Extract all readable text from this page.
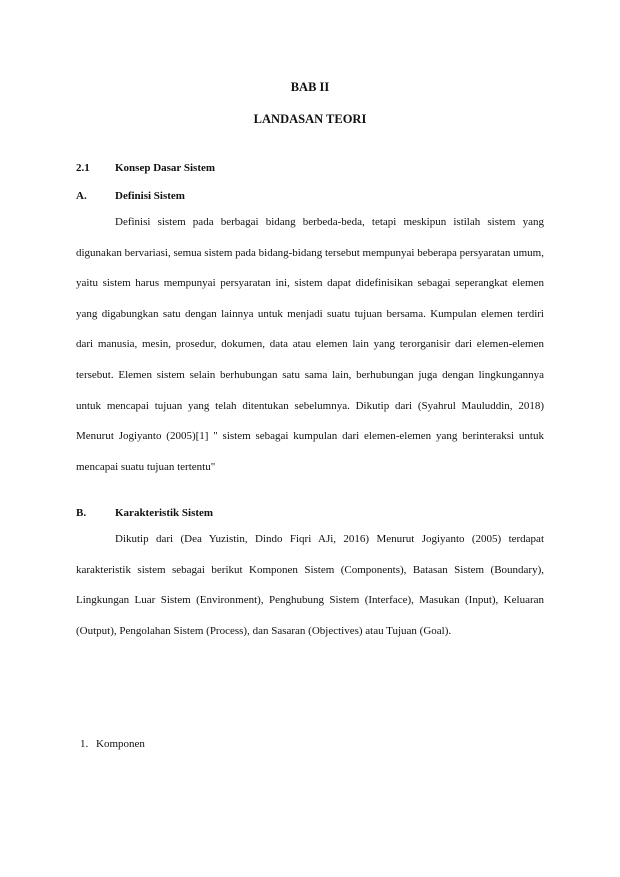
BAB II
LANDASAN TEORI
2.1 Konsep Dasar Sistem
A.	Definisi Sistem

Definisi sistem pada berbagai bidang berbeda-beda, tetapi meskipun istilah sistem yang digunakan bervariasi, semua sistem pada bidang-bidang tersebut mempunyai beberapa persyaratan umum, yaitu sistem harus mempunyai persyaratan ini, sistem dapat didefinisikan sebagai seperangkat elemen yang digabungkan satu dengan lainnya untuk menjadi suatu tujuan bersama. Kumpulan elemen terdiri dari manusia, mesin, prosedur, dokumen, data atau elemen lain yang terorganisir dari elemen-elemen tersebut. Elemen sistem selain berhubungan satu sama lain, berhubungan juga dengan lingkungannya untuk mencapai tujuan yang telah ditentukan sebelumnya. Dikutip dari (Syahrul Mauluddin, 2018) Menurut Jogiyanto (2005)[1] " sistem sebagai kumpulan dari elemen-elemen yang berinteraksi untuk mencapai suatu tujuan tertentu"

B.	Karakteristik Sistem

Dikutip dari (Dea Yuzistin, Dindo Fiqri AJi, 2016) Menurut Jogiyanto (2005) terdapat karakteristik sistem sebagai berikut Komponen Sistem (Components), Batasan Sistem (Boundary), Lingkungan Luar Sistem (Environment), Penghubung Sistem (Interface), Masukan (Input), Keluaran (Output), Pengolahan Sistem (Process), dan Sasaran (Objectives) atau Tujuan (Goal).

1. Komponen
